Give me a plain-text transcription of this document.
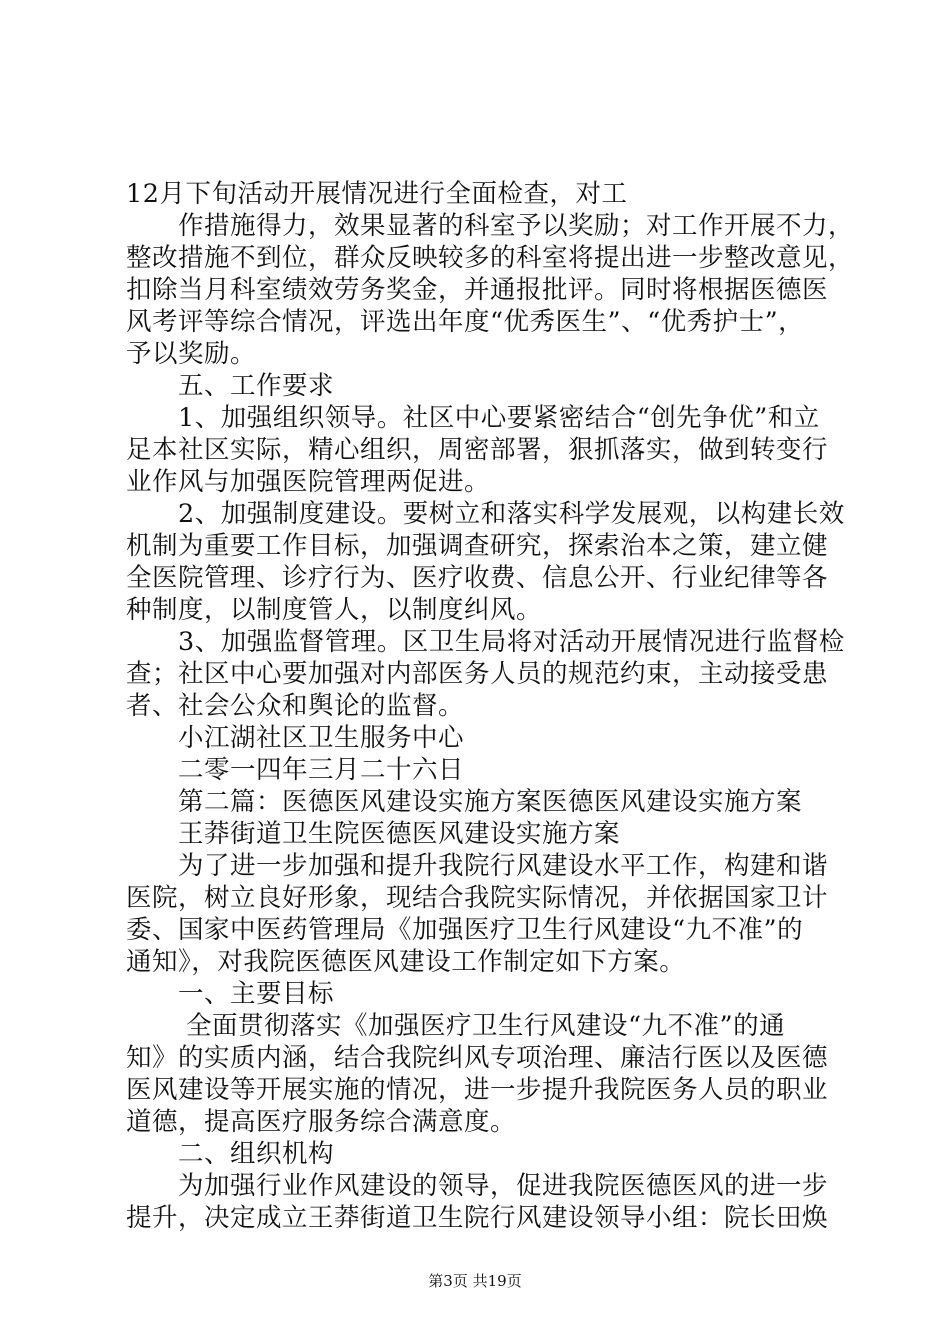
12月下旬活动开展情况进行全面检查，对工
作措施得力，效果显著的科室予以奖励；对工作开展不力，
整改措施不到位，群众反映较多的科室将提出进一步整改意见，
扣除当月科室绩效劳务奖金，并通报批评。同时将根据医德医
风考评等综合情况，评选出年度“优秀医生”、“优秀护士”，
予以奖励。
五、工作要求
1、加强组织领导。社区中心要紧密结合“创先争优”和立
足本社区实际，精心组织，周密部署，狠抓落实，做到转变行
业作风与加强医院管理两促进。
2、加强制度建设。要树立和落实科学发展观，以构建长效
机制为重要工作目标，加强调查研究，探索治本之策，建立健
全医院管理、诊疗行为、医疗收费、信息公开、行业纪律等各
种制度，以制度管人，以制度纠风。
3、加强监督管理。区卫生局将对活动开展情况进行监督检
查；社区中心要加强对内部医务人员的规范约束，主动接受患
者、社会公众和舆论的监督。
小江湖社区卫生服务中心
二零一四年三月二十六日
第二篇：医德医风建设实施方案医德医风建设实施方案
王莽街道卫生院医德医风建设实施方案
为了进一步加强和提升我院行风建设水平工作，构建和谐
医院，树立良好形象，现结合我院实际情况，并依据国家卫计
委、国家中医药管理局《加强医疗卫生行风建设“九不准”的
通知》，对我院医德医风建设工作制定如下方案。
一、主要目标
全面贯彻落实《加强医疗卫生行风建设“九不准”的通
知》的实质内涵，结合我院纠风专项治理、廉洁行医以及医德
医风建设等开展实施的情况，进一步提升我院医务人员的职业
道德，提高医疗服务综合满意度。
二、组织机构
为加强行业作风建设的领导，促进我院医德医风的进一步
提升，决定成立王莽街道卫生院行风建设领导小组：院长田焕
第3页 共19页
